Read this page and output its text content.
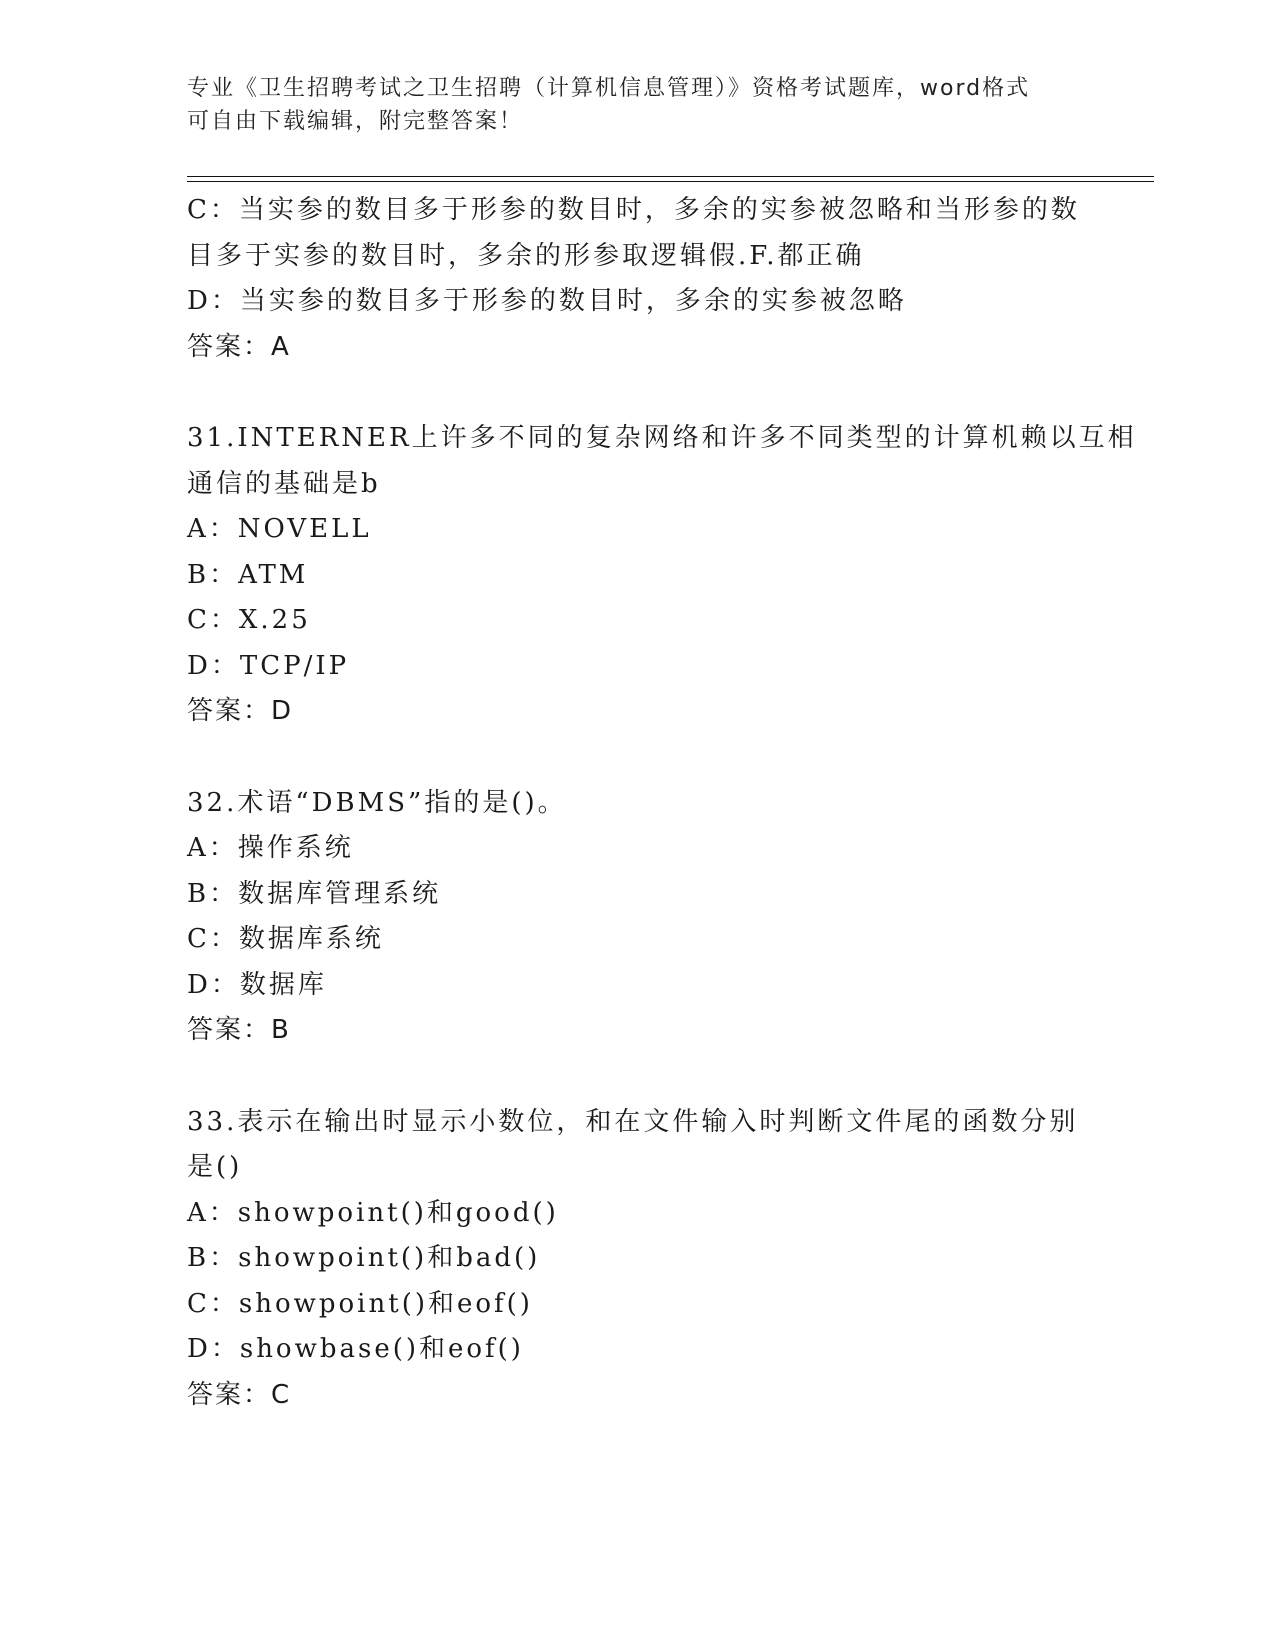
专业《卫生招聘考试之卫生招聘（计算机信息管理）》资格考试题库，word格式
可自由下载编辑，附完整答案！
C：当实参的数目多于形参的数目时，多余的实参被忽略和当形参的数
目多于实参的数目时，多余的形参取逻辑假.F.都正确
D：当实参的数目多于形参的数目时，多余的实参被忽略
答案：A
31.INTERNER上许多不同的复杂网络和许多不同类型的计算机赖以互相
通信的基础是b
A：NOVELL
B：ATM
C：X.25
D：TCP/IP
答案：D
32.术语“DBMS”指的是()。
A：操作系统
B：数据库管理系统
C：数据库系统
D：数据库
答案：B
33.表示在输出时显示小数位，和在文件输入时判断文件尾的函数分别
是()
A：showpoint()和good()
B：showpoint()和bad()
C：showpoint()和eof()
D：showbase()和eof()
答案：C
